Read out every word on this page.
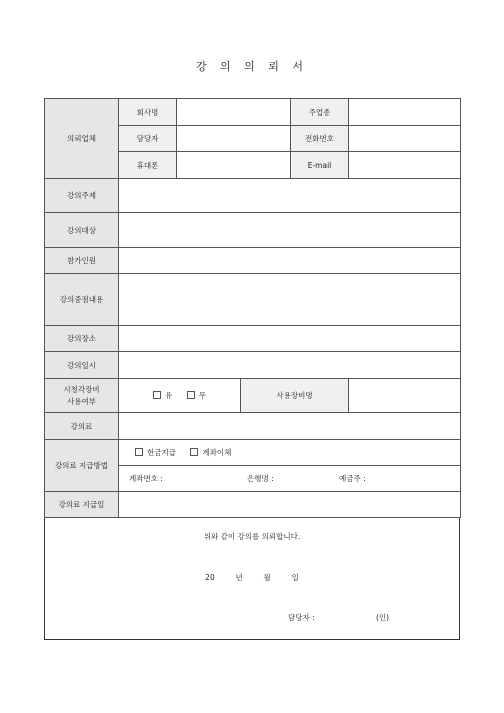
강 의 의 뢰 서
의뢰업체	회사명			주업종	
	담당자			전화번호	
	휴대폰			E-mail	
강의주제					
강의대상					
참가인원					
강의중점내용					
강의장소					
강의일시					

시청각장비
사용여부	유 무		사용장비명		
강의료					
강의료 지급방법	현금지급 계좌이체				
	계좌번호 : 은행명 : 예금주 :				
강의료 지급일					
위와 같이 강의를 의뢰합니다.
20	년	월	일
담당자 :	(인)
